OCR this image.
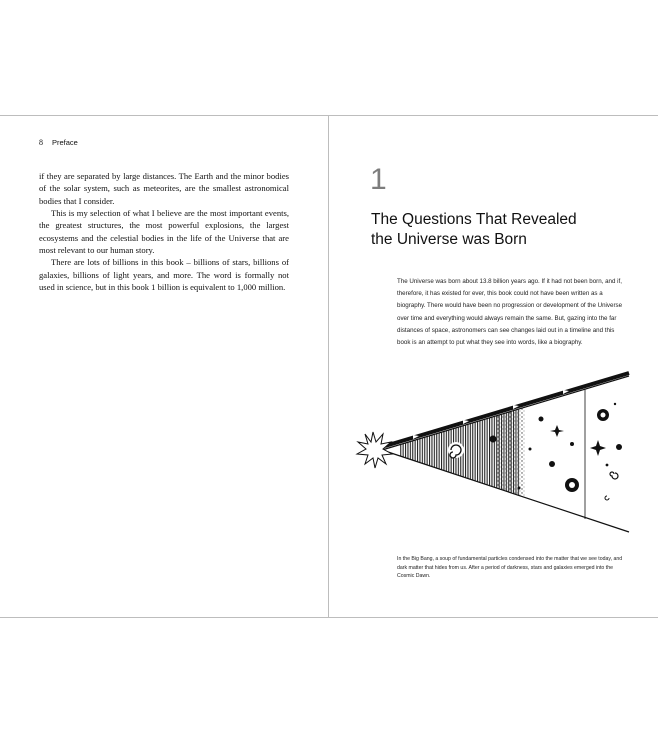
8 Preface

if they are separated by large distances. The Earth and the minor bodies of the solar system, such as meteorites, are the smallest astronomical bodies that I consider.

This is my selection of what I believe are the most important events, the greatest structures, the most powerful explosions, the largest ecosystems and the celestial bodies in the life of the Universe that are most relevant to our human story.

There are lots of billions in this book – billions of stars, billions of galaxies, billions of light years, and more. The word is formally not used in science, but in this book 1 billion is equivalent to 1,000 million.

1
The Questions That Revealed
the Universe was Born
The Universe was born about 13.8 billion years ago. If it had not been born, and if, therefore, it has existed for ever, this book could not have been written as a biography. There would have been no progression or development of the Universe over time and everything would always remain the same. But, gazing into the far distances of space, astronomers can see changes laid out in a timeline and this book is an attempt to put what they see into words, like a biography.
In the Big Bang, a soup of fundamental particles condensed into the matter that we see today, and dark matter that hides from us. After a period of darkness, stars and galaxies emerged into the Cosmic Dawn.
